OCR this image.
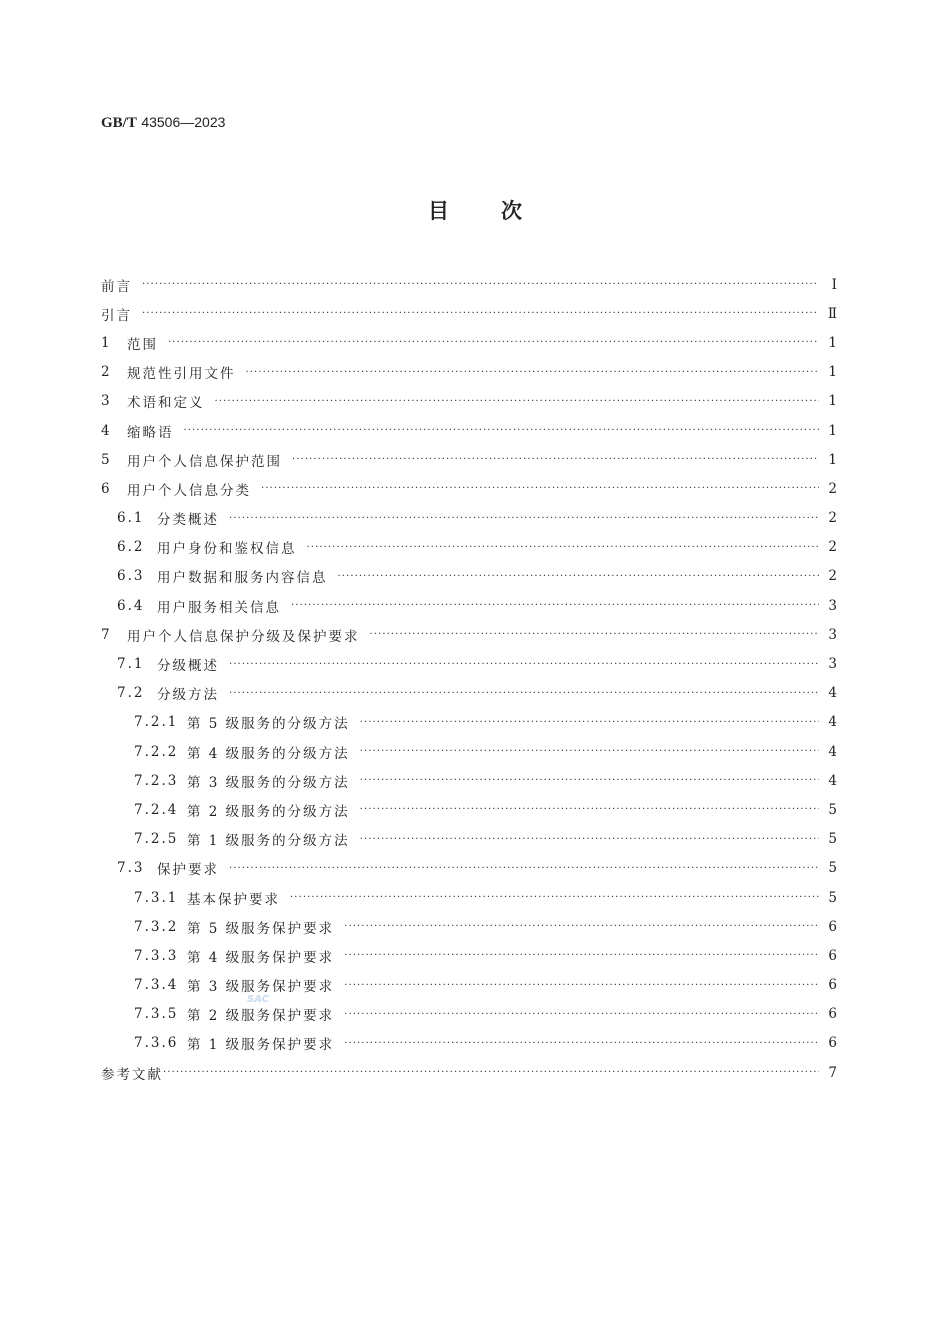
GB/T 43506—2023
目次
前言 ·····	Ⅰ
引言 ·····	Ⅱ
1	范围 ·····	1
2	规范性引用文件 ·····	1
3	术语和定义 ·····	1
4	缩略语 ·····	1
5	用户个人信息保护范围 ·····	1
6	用户个人信息分类 ·····	2
6.1 分类概述 ·····	2
6.2 用户身份和鉴权信息 ·····	2
6.3 用户数据和服务内容信息 ·····	2
6.4 用户服务相关信息 ·····	3
7	用户个人信息保护分级及保护要求 ·····	3
7.1 分级概述 ·····	3
7.2 分级方法 ·····	4
7.2.1 第 5 级服务的分级方法 ·····	4
7.2.2 第 4 级服务的分级方法 ·····	4
7.2.3 第 3 级服务的分级方法 ·····	4
7.2.4 第 2 级服务的分级方法 ·····	5
7.2.5 第 1 级服务的分级方法 ·····	5
7.3 保护要求 ·····	5
7.3.1 基本保护要求 ·····	5
7.3.2 第 5 级服务保护要求 ·····	6
7.3.3 第 4 级服务保护要求 ·····	6
7.3.4 第 3 级服务保护要求 ·····	6
7.3.5 第 2 级服务保护要求 ·····	6
7.3.6 第 1 级服务保护要求 ·····	6
参考文献 ·····	7
SAC
